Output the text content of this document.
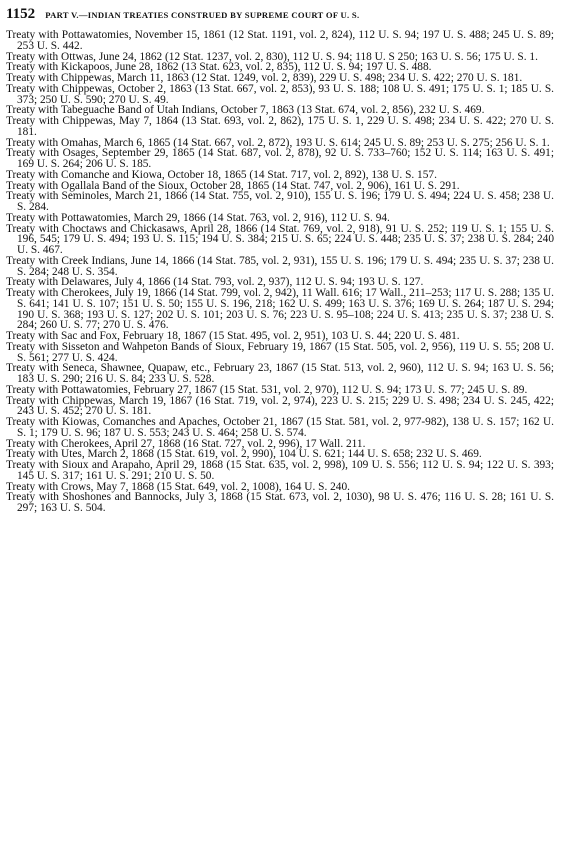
1152 PART V.—INDIAN TREATIES CONSTRUED BY SUPREME COURT OF U. S.
Treaty with Pottawatomies, November 15, 1861 (12 Stat. 1191, vol. 2, 824), 112 U. S. 94; 197 U. S. 488; 245 U. S. 89; 253 U. S. 442.
Treaty with Ottwas, June 24, 1862 (12 Stat. 1237, vol. 2, 830), 112 U. S. 94; 118 U. S 250; 163 U. S. 56; 175 U. S. 1.
Treaty with Kickapoos, June 28, 1862 (13 Stat. 623, vol. 2, 835), 112 U. S. 94; 197 U. S. 488.
Treaty with Chippewas, March 11, 1863 (12 Stat. 1249, vol. 2, 839), 229 U. S. 498; 234 U. S. 422; 270 U. S. 181.
Treaty with Chippewas, October 2, 1863 (13 Stat. 667, vol. 2, 853), 93 U. S. 188; 108 U. S. 491; 175 U. S. 1; 185 U. S. 373; 250 U. S. 590; 270 U. S. 49.
Treaty with Tabeguache Band of Utah Indians, October 7, 1863 (13 Stat. 674, vol. 2, 856), 232 U. S. 469.
Treaty with Chippewas, May 7, 1864 (13 Stat. 693, vol. 2, 862), 175 U. S. 1, 229 U. S. 498; 234 U. S. 422; 270 U. S. 181.
Treaty with Omahas, March 6, 1865 (14 Stat. 667, vol. 2, 872), 193 U. S. 614; 245 U. S. 89; 253 U. S. 275; 256 U. S. 1.
Treaty with Osages, September 29, 1865 (14 Stat. 687, vol. 2, 878), 92 U. S. 733–760; 152 U. S. 114; 163 U. S. 491; 169 U. S. 264; 206 U. S. 185.
Treaty with Comanche and Kiowa, October 18, 1865 (14 Stat. 717, vol. 2, 892), 138 U. S. 157.
Treaty with Ogallala Band of the Sioux, October 28, 1865 (14 Stat. 747, vol. 2, 906), 161 U. S. 291.
Treaty with Seminoles, March 21, 1866 (14 Stat. 755, vol. 2, 910), 155 U. S. 196; 179 U. S. 494; 224 U. S. 458; 238 U. S. 284.
Treaty with Pottawatomies, March 29, 1866 (14 Stat. 763, vol. 2, 916), 112 U. S. 94.
Treaty with Choctaws and Chickasaws, April 28, 1866 (14 Stat. 769, vol. 2, 918), 91 U. S. 252; 119 U. S. 1; 155 U. S. 196, 545; 179 U. S. 494; 193 U. S. 115; 194 U. S. 384; 215 U. S. 65; 224 U. S. 448; 235 U. S. 37; 238 U. S. 284; 240 U. S. 467.
Treaty with Creek Indians, June 14, 1866 (14 Stat. 785, vol. 2, 931), 155 U. S. 196; 179 U. S. 494; 235 U. S. 37; 238 U. S. 284; 248 U. S. 354.
Treaty with Delawares, July 4, 1866 (14 Stat. 793, vol. 2, 937), 112 U. S. 94; 193 U. S. 127.
Treaty with Cherokees, July 19, 1866 (14 Stat. 799, vol. 2, 942), 11 Wall. 616; 17 Wall., 211–253; 117 U. S. 288; 135 U. S. 641; 141 U. S. 107; 151 U. S. 50; 155 U. S. 196, 218; 162 U. S. 499; 163 U. S. 376; 169 U. S. 264; 187 U. S. 294; 190 U. S. 368; 193 U. S. 127; 202 U. S. 101; 203 U. S. 76; 223 U. S. 95–108; 224 U. S. 413; 235 U. S. 37; 238 U. S. 284; 260 U. S. 77; 270 U. S. 476.
Treaty with Sac and Fox, February 18, 1867 (15 Stat. 495, vol. 2, 951), 103 U. S. 44; 220 U. S. 481.
Treaty with Sisseton and Wahpeton Bands of Sioux, February 19, 1867 (15 Stat. 505, vol. 2, 956), 119 U. S. 55; 208 U. S. 561; 277 U. S. 424.
Treaty with Seneca, Shawnee, Quapaw, etc., February 23, 1867 (15 Stat. 513, vol. 2, 960), 112 U. S. 94; 163 U. S. 56; 183 U. S. 290; 216 U. S. 84; 233 U. S. 528.
Treaty with Pottawatomies, February 27, 1867 (15 Stat. 531, vol. 2, 970), 112 U. S. 94; 173 U. S. 77; 245 U. S. 89.
Treaty with Chippewas, March 19, 1867 (16 Stat. 719, vol. 2, 974), 223 U. S. 215; 229 U. S. 498; 234 U. S. 245, 422; 243 U. S. 452; 270 U. S. 181.
Treaty with Kiowas, Comanches and Apaches, October 21, 1867 (15 Stat. 581, vol. 2, 977-982), 138 U. S. 157; 162 U. S. 1; 179 U. S. 96; 187 U. S. 553; 243 U. S. 464; 258 U. S. 574.
Treaty with Cherokees, April 27, 1868 (16 Stat. 727, vol. 2, 996), 17 Wall. 211.
Treaty with Utes, March 2, 1868 (15 Stat. 619, vol. 2, 990), 104 U. S. 621; 144 U. S. 658; 232 U. S. 469.
Treaty with Sioux and Arapaho, April 29, 1868 (15 Stat. 635, vol. 2, 998), 109 U. S. 556; 112 U. S. 94; 122 U. S. 393; 145 U. S. 317; 161 U. S. 291; 210 U. S. 50.
Treaty with Crows, May 7, 1868 (15 Stat. 649, vol. 2, 1008), 164 U. S. 240.
Treaty with Shoshones and Bannocks, July 3, 1868 (15 Stat. 673, vol. 2, 1030), 98 U. S. 476; 116 U. S. 28; 161 U. S. 297; 163 U. S. 504.
